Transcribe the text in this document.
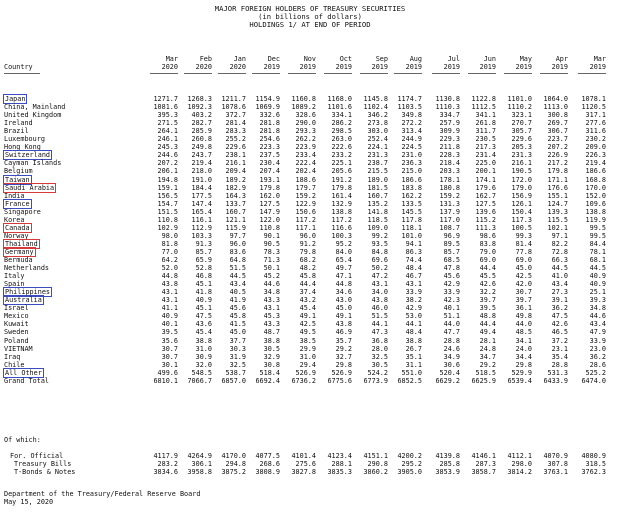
MAJOR FOREIGN HOLDERS OF TREASURY SECURITIES
(in billions of dollars)
HOLDINGS 1/ AT END OF PERIOD
Mar	Feb	Jan	Dec	Nov	Oct	Sep	Aug	Jul	Jun	May	Apr	Mar

Country

	2020	2020	2020	2019	2019	2019	2019	2019	2019	2019	2019	2019	2019
Japan	1271.7	1268.3	1211.7	1154.9	1160.8	1168.0	1145.8	1174.7	1130.8	1122.8	1101.0	1064.0	1078.1
China, Mainland	1081.6	1092.3	1078.6	1069.9	1089.2	1101.6	1102.4	1103.5	1110.3	1112.5	1110.2	1113.0	1120.5
United Kingdom	395.3	403.2	372.7	332.6	328.6	334.1	346.2	349.8	334.7	341.1	323.1	300.8	317.1
Ireland	271.5	282.7	281.4	281.8	290.0	286.2	273.8	272.2	257.9	261.8	270.7	269.7	277.6
Brazil	264.1	285.9	283.3	281.8	293.3	298.5	303.0	313.4	309.9	311.7	305.7	306.7	311.6
Luxembourg	246.1	260.8	255.2	254.6	262.2	263.0	252.4	244.9	229.3	230.5	229.6	223.7	230.2
Hong Kong	245.3	249.8	229.6	223.3	223.9	222.6	224.1	224.5	211.8	217.3	205.3	207.2	209.0
Switzerland	244.6	243.7	238.1	237.5	233.4	233.2	231.3	231.0	228.3	231.4	231.3	226.9	226.3
Cayman Islands	207.2	219.4	216.1	230.4	222.4	225.1	238.7	236.3	218.4	225.0	216.1	217.2	219.4
Belgium	206.1	218.0	209.4	207.4	202.4	205.6	215.5	215.0	203.3	200.1	190.5	179.8	186.6
Taiwan	194.8	191.0	189.2	193.1	188.6	191.2	189.0	186.6	178.1	174.1	172.0	171.1	168.8
Saudi Arabia	159.1	184.4	182.9	179.8	179.7	179.8	181.5	183.8	180.8	179.6	179.0	176.6	170.0
India	156.5	177.5	164.3	162.0	159.2	161.4	160.7	162.2	159.2	162.7	156.9	155.1	152.0
France	154.7	147.4	133.7	127.5	122.9	132.9	135.2	133.5	131.3	127.5	126.1	124.7	109.6
Singapore	151.5	165.4	160.7	147.9	150.6	138.8	141.8	145.5	137.9	139.6	150.4	139.3	138.8
Korea	110.8	116.1	121.1	122.0	117.2	117.2	118.5	117.8	117.0	115.2	117.3	115.5	119.9
Canada	102.9	112.9	115.9	110.8	117.1	116.6	109.0	118.1	108.7	111.3	100.5	102.1	99.5
Norway	98.0	103.3	97.7	90.1	96.0	100.3	99.2	101.0	96.9	98.6	99.3	97.1	99.5
Thailand	81.8	91.3	96.0	90.5	91.2	95.2	93.5	94.1	89.5	83.8	81.4	82.2	84.4
Germany	77.0	85.7	83.6	78.3	79.8	84.0	84.8	86.3	85.7	79.0	77.8	72.8	78.1
Bermuda	64.2	65.9	64.8	71.3	68.2	65.4	69.6	74.4	68.5	69.0	69.0	66.3	68.1
Netherlands	52.0	52.8	51.5	50.1	48.2	49.7	50.2	48.4	47.8	44.4	45.0	44.5	44.5
Italy	44.8	46.8	44.5	45.2	45.8	47.1	47.2	46.7	45.6	45.5	42.5	41.0	40.9
Spain	43.8	45.1	43.4	44.6	44.4	44.8	43.1	43.1	42.9	42.6	42.0	43.4	40.9
Philippines	43.1	41.8	40.5	34.8	37.4	34.6	34.0	33.9	33.9	32.2	30.7	27.3	25.1
Australia	43.1	40.9	41.9	43.3	43.2	43.0	43.8	38.2	42.3	39.7	39.7	39.1	39.3
Israel	41.1	45.1	45.6	43.1	45.4	45.0	46.0	42.9	40.1	39.5	36.1	36.2	34.8
Mexico	40.9	47.5	45.8	45.3	49.1	49.1	51.5	53.0	51.1	48.8	49.8	47.5	44.6
Kuwait	40.1	43.6	41.5	43.3	42.5	43.8	44.1	44.1	44.0	44.4	44.0	42.6	43.4
Sweden	39.5	45.4	45.0	48.7	49.5	46.9	47.3	48.4	47.7	49.4	48.5	46.5	47.9
Poland	35.6	38.8	37.7	38.8	38.5	35.7	36.8	38.8	28.8	28.1	34.1	37.2	33.9
VIETNAM	30.7	31.0	30.3	30.5	29.9	29.2	28.0	26.7	24.6	24.8	24.0	23.1	23.0
Iraq	30.7	30.9	31.9	32.9	31.0	32.7	32.5	35.1	34.9	34.7	34.4	35.4	36.2
Chile	30.1	32.0	32.5	30.8	29.4	29.8	30.5	31.1	30.6	29.2	29.8	28.8	28.6
All Other	499.6	548.5	538.7	518.4	526.9	526.9	524.2	551.0	520.4	518.5	529.9	531.3	525.2
Grand Total	6810.1	7066.7	6857.0	6692.4	6736.2	6775.6	6773.9	6852.5	6629.2	6625.9	6539.4	6433.9	6474.0

Of which:

For. Official	4117.9	4264.9	4170.0	4077.5	4101.4	4123.4	4151.1	4200.2	4139.8	4146.1	4112.1	4070.9	4080.9
Treasury Bills	283.2	306.1	294.8	268.6	275.6	288.1	290.8	295.2	285.8	287.3	298.0	307.8	318.5
T-Bonds & Notes	3834.6	3958.8	3875.2	3808.9	3827.8	3835.3	3860.2	3905.0	3853.9	3858.7	3814.2	3763.1	3762.3

Department of the Treasury/Federal Reserve Board

May 15, 2020
